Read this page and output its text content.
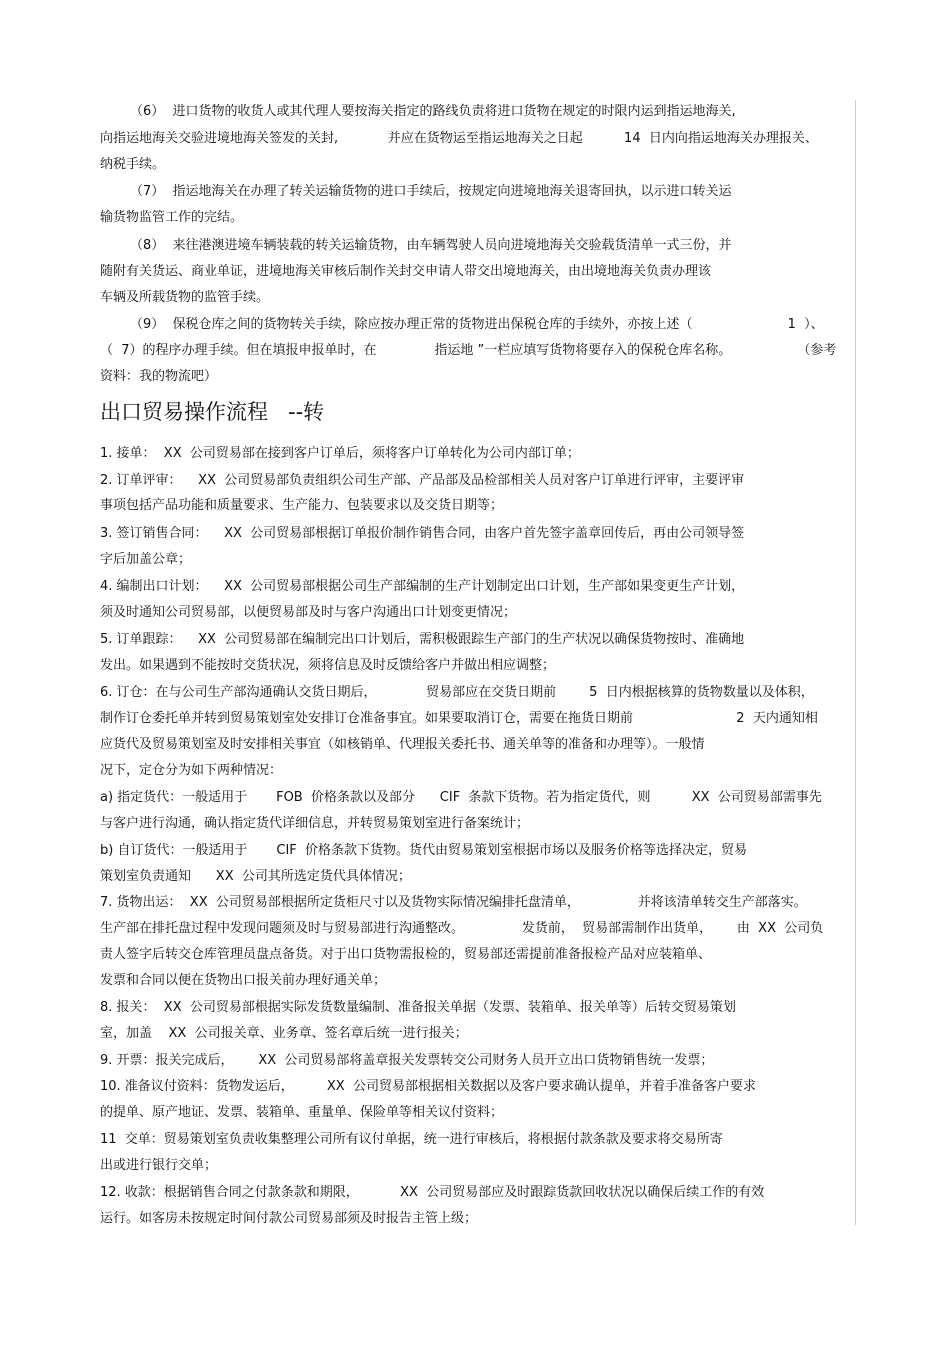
（6）  进口货物的收货人或其代理人要按海关指定的路线负责将进口货物在规定的时限内运到指运地海关,
向指运地海关交验进境地海关签发的关封,            并应在货物运至指运地海关之日起          14  日内向指运地海关办理报关、
纳税手续。
（7）  指运地海关在办理了转关运输货物的进口手续后，按规定向进境地海关退寄回执，以示进口转关运
输货物监管工作的完结。
（8）  来往港澳进境车辆装载的转关运输货物，由车辆驾驶人员向进境地海关交验载货清单一式三份，并
随附有关货运、商业单证，进境地海关审核后制作关封交申请人带交出境地海关，由出境地海关负责办理该
车辆及所载货物的监管手续。
（9）  保税仓库之间的货物转关手续，除应按办理正常的货物进出保税仓库的手续外，亦按上述（                       1  ）、
（  7）的程序办理手续。但在填报申报单时，在              指运地 ”一栏应填写货物将要存入的保税仓库名称。                （参考
资料：我的物流吧）
出口贸易操作流程   --转
1. 接单：  XX  公司贸易部在接到客户订单后，须将客户订单转化为公司内部订单；
2. 订单评审：    XX  公司贸易部负责组织公司生产部、产品部及品检部相关人员对客户订单进行评审，主要评审
事项包括产品功能和质量要求、生产能力、包装要求以及交货日期等；
3. 签订销售合同：    XX  公司贸易部根据订单报价制作销售合同，由客户首先签字盖章回传后，再由公司领导签
字后加盖公章；
4. 编制出口计划：    XX  公司贸易部根据公司生产部编制的生产计划制定出口计划，生产部如果变更生产计划，
须及时通知公司贸易部，以便贸易部及时与客户沟通出口计划变更情况；
5. 订单跟踪：    XX  公司贸易部在编制完出口计划后，需积极跟踪生产部门的生产状况以确保货物按时、准确地
发出。如果遇到不能按时交货状况，须将信息及时反馈给客户并做出相应调整；
6. 订仓：在与公司生产部沟通确认交货日期后，            贸易部应在交货日期前        5  日内根据核算的货物数量以及体积，
制作订仓委托单并转到贸易策划室处安排订仓准备事宜。如果要取消订仓，需要在拖货日期前                         2  天内通知相
应货代及贸易策划室及时安排相关事宜（如核销单、代理报关委托书、通关单等的准备和办理等）。一般情
况下，定仓分为如下两种情况：
a) 指定货代：一般适用于       FOB  价格条款以及部分      CIF  条款下货物。若为指定货代，则          XX  公司贸易部需事先
与客户进行沟通，确认指定货代详细信息，并转贸易策划室进行备案统计；
b) 自订货代：一般适用于       CIF  价格条款下货物。货代由贸易策划室根据市场以及服务价格等选择决定，贸易
策划室负责通知      XX  公司其所选定货代具体情况；
7. 货物出运：  XX  公司贸易部根据所定货柜尺寸以及货物实际情况编排托盘清单，              并将该清单转交生产部落实。
生产部在排托盘过程中发现问题须及时与贸易部进行沟通整改。              发货前，  贸易部需制作出货单，      由  XX  公司负
责人签字后转交仓库管理员盘点备货。对于出口货物需报检的，贸易部还需提前准备报检产品对应装箱单、
发票和合同以便在货物出口报关前办理好通关单；
8. 报关：  XX  公司贸易部根据实际发货数量编制、准备报关单据（发票、装箱单、报关单等）后转交贸易策划
室，加盖    XX  公司报关章、业务章、签名章后统一进行报关；
9. 开票：报关完成后，      XX  公司贸易部将盖章报关发票转交公司财务人员开立出口货物销售统一发票；
10. 准备议付资料：货物发运后，        XX  公司贸易部根据相关数据以及客户要求确认提单，并着手准备客户要求
的提单、原产地证、发票、装箱单、重量单、保险单等相关议付资料；
11  交单：贸易策划室负责收集整理公司所有议付单据，统一进行审核后，将根据付款条款及要求将交易所寄
出或进行银行交单；
12. 收款：根据销售合同之付款条款和期限，          XX  公司贸易部应及时跟踪货款回收状况以确保后续工作的有效
运行。如客房未按规定时间付款公司贸易部须及时报告主管上级；
